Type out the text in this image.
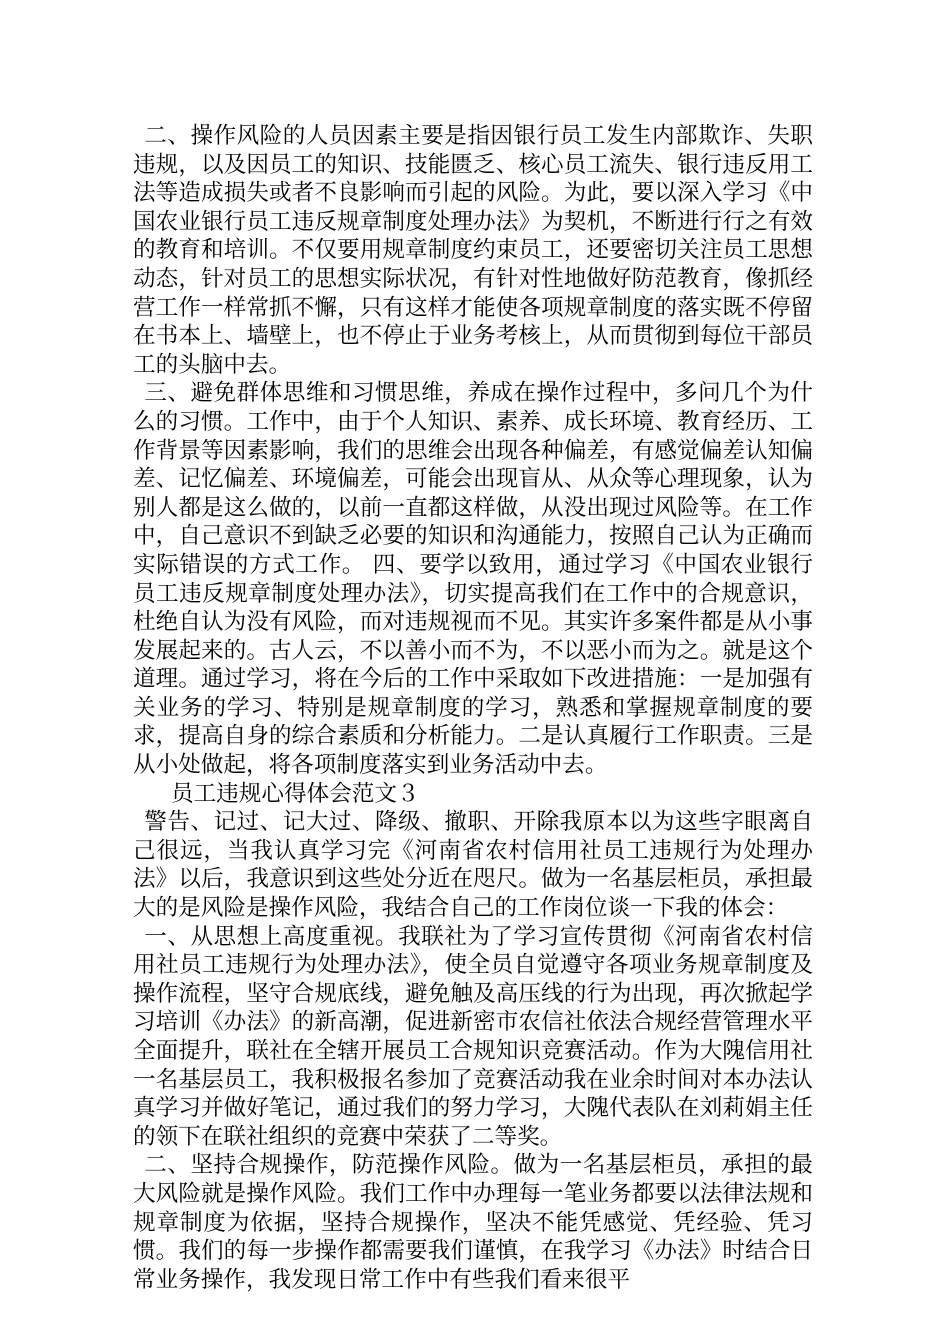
二、操作风险的人员因素主要是指因银行员工发生内部欺诈、失职违规，以及因员工的知识、技能匮乏、核心员工流失、银行违反用工法等造成损失或者不良影响而引起的风险。为此，要以深入学习《中国农业银行员工违反规章制度处理办法》为契机，不断进行行之有效的教育和培训。不仅要用规章制度约束员工，还要密切关注员工思想动态，针对员工的思想实际状况，有针对性地做好防范教育，像抓经营工作一样常抓不懈，只有这样才能使各项规章制度的落实既不停留在书本上、墙壁上，也不停止于业务考核上，从而贯彻到每位干部员工的头脑中去。

三、避免群体思维和习惯思维，养成在操作过程中，多问几个为什么的习惯。工作中，由于个人知识、素养、成长环境、教育经历、工作背景等因素影响，我们的思维会出现各种偏差，有感觉偏差认知偏差、记忆偏差、环境偏差，可能会出现盲从、从众等心理现象，认为别人都是这么做的，以前一直都这样做，从没出现过风险等。在工作中，自己意识不到缺乏必要的知识和沟通能力，按照自己认为正确而实际错误的方式工作。 四、要学以致用，通过学习《中国农业银行员工违反规章制度处理办法》，切实提高我们在工作中的合规意识，杜绝自认为没有风险，而对违规视而不见。其实许多案件都是从小事发展起来的。古人云，不以善小而不为，不以恶小而为之。就是这个道理。通过学习，将在今后的工作中采取如下改进措施：一是加强有关业务的学习、特别是规章制度的学习，熟悉和掌握规章制度的要求，提高自身的综合素质和分析能力。二是认真履行工作职责。三是从小处做起，将各项制度落实到业务活动中去。

员工违规心得体会范文３

警告、记过、记大过、降级、撤职、开除我原本以为这些字眼离自己很远，当我认真学习完《河南省农村信用社员工违规行为处理办法》以后，我意识到这些处分近在咫尺。做为一名基层柜员，承担最大的是风险是操作风险，我结合自己的工作岗位谈一下我的体会：

一、从思想上高度重视。我联社为了学习宣传贯彻《河南省农村信用社员工违规行为处理办法》，使全员自觉遵守各项业务规章制度及操作流程，坚守合规底线，避免触及高压线的行为出现，再次掀起学习培训《办法》的新高潮，促进新密市农信社依法合规经营管理水平全面提升，联社在全辖开展员工合规知识竞赛活动。作为大隗信用社一名基层员工，我积极报名参加了竞赛活动我在业余时间对本办法认真学习并做好笔记，通过我们的努力学习，大隗代表队在刘莉娟主任的领下在联社组织的竞赛中荣获了二等奖。

二、坚持合规操作，防范操作风险。做为一名基层柜员，承担的最大风险就是操作风险。我们工作中办理每一笔业务都要以法律法规和规章制度为依据，坚持合规操作，坚决不能凭感觉、凭经验、凭习惯。我们的每一步操作都需要我们谨慎，在我学习《办法》时结合日常业务操作，我发现日常工作中有些我们看来很平
